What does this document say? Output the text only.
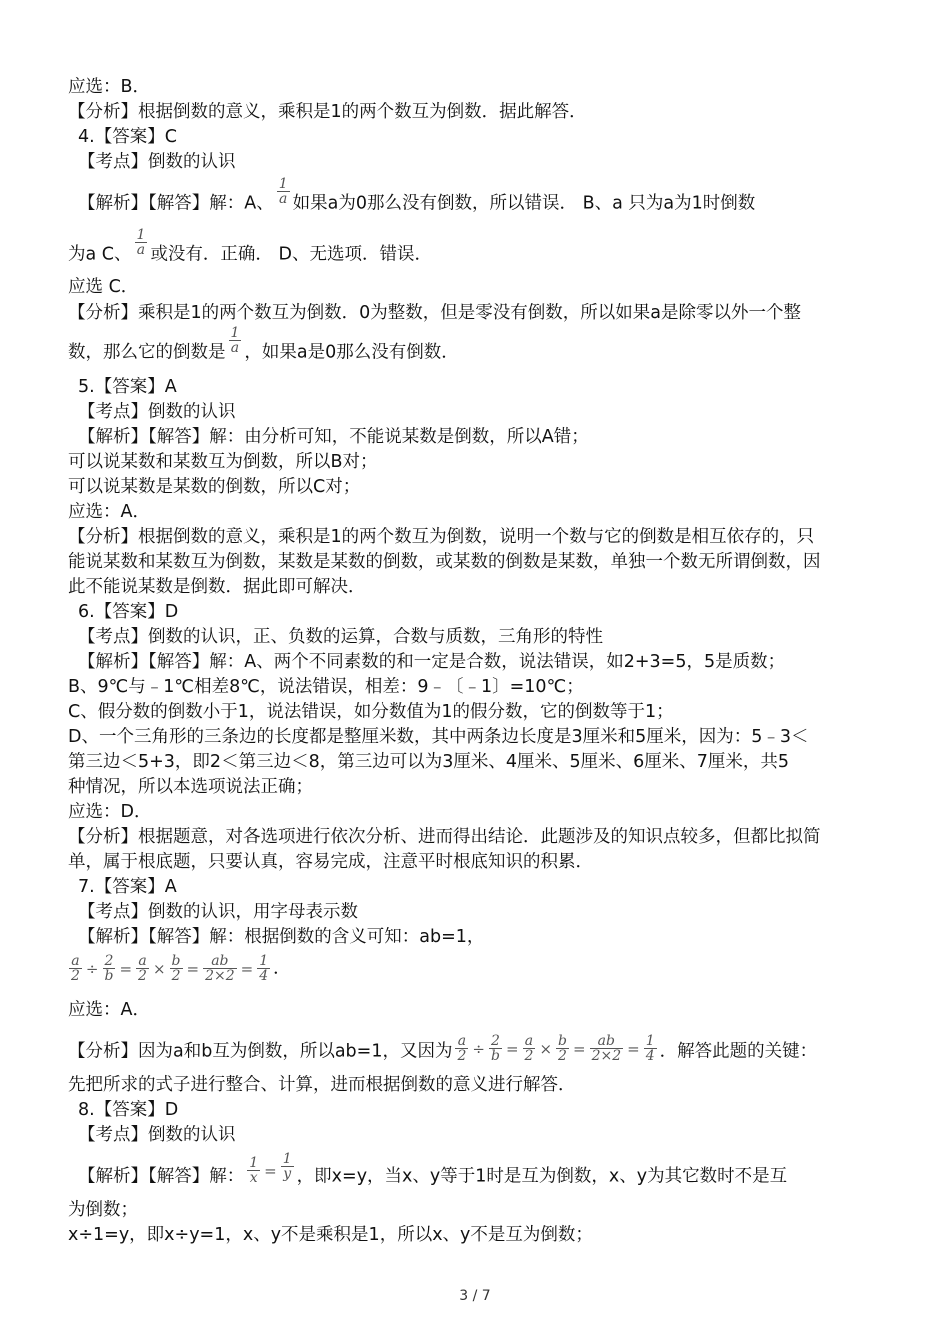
应选：B．
【分析】根据倒数的意义，乘积是1的两个数互为倒数．据此解答．
4.【答案】C
【考点】倒数的认识
【解析】【解答】解：A、 $\frac{1}{a}$ 如果a为0那么没有倒数，所以错误． B、a 只为a为1时倒数
为a C、 $\frac{1}{a}$ 或没有．正确． D、无选项．错误．
应选 C．
【分析】乘积是1的两个数互为倒数．0为整数，但是零没有倒数，所以如果a是除零以外一个整
数，那么它的倒数是 $\frac{1}{a}$ ，如果a是0那么没有倒数．
5.【答案】A
【考点】倒数的认识
【解析】【解答】解：由分析可知，不能说某数是倒数，所以A错；
可以说某数和某数互为倒数，所以B对；
可以说某数是某数的倒数，所以C对；
应选：A．
【分析】根据倒数的意义，乘积是1的两个数互为倒数，说明一个数与它的倒数是相互依存的，只
能说某数和某数互为倒数，某数是某数的倒数，或某数的倒数是某数，单独一个数无所谓倒数，因
此不能说某数是倒数．据此即可解决．
6.【答案】D
【考点】倒数的认识，正、负数的运算，合数与质数，三角形的特性
【解析】【解答】解：A、两个不同素数的和一定是合数，说法错误，如2+3=5，5是质数；
B、9℃与﹣1℃相差8℃，说法错误，相差：9﹣〔﹣1〕=10℃；
C、假分数的倒数小于1，说法错误，如分数值为1的假分数，它的倒数等于1；
D、一个三角形的三条边的长度都是整厘米数，其中两条边长度是3厘米和5厘米，因为：5﹣3＜
第三边＜5+3，即2＜第三边＜8，第三边可以为3厘米、4厘米、5厘米、6厘米、7厘米，共5
种情况，所以本选项说法正确；
应选：D．
【分析】根据题意，对各选项进行依次分析、进而得出结论．此题涉及的知识点较多，但都比拟简
单，属于根底题，只要认真，容易完成，注意平时根底知识的积累．
7.【答案】A
【考点】倒数的认识，用字母表示数
【解析】【解答】解：根据倒数的含义可知：ab=1，
$\frac{a}{2} \div \frac{2}{b} = \frac{a}{2} \times \frac{b}{2} = \frac{ab}{2\times 2} = \frac{1}{4}$ ．
应选：A．
【分析】因为a和b互为倒数，所以ab=1，又因为 $\frac{a}{2} \div \frac{2}{b} = \frac{a}{2} \times \frac{b}{2} = \frac{ab}{2\times 2} = \frac{1}{4}$ ．解答此题的关键：
先把所求的式子进行整合、计算，进而根据倒数的意义进行解答．
8.【答案】D
【考点】倒数的认识
【解析】【解答】解： $\frac{1}{x} = \frac{1}{y}$ ，即x=y，当x、y等于1时是互为倒数，x、y为其它数时不是互
为倒数；
x÷1=y，即x÷y=1，x、y不是乘积是1，所以x、y不是互为倒数；
3 / 7
